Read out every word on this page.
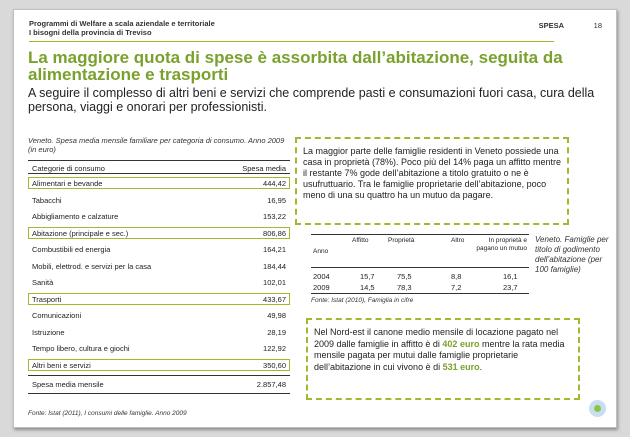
Programmi di Welfare a scala aziendale e territoriale
I bisogni della provincia di Treviso
SPESA	18
La maggiore quota di spese è assorbita dall’abitazione, seguita da alimentazione e trasporti
A seguire il complesso di altri beni e servizi che comprende pasti e consumazioni fuori casa, cura della persona, viaggi e onorari per professionisti.
Veneto. Spesa media mensile familiare per categoria di consumo. Anno 2009 (in euro)
Categorie di consumo	Spesa media
Alimentari e bevande	444,42
Tabacchi	16,95
Abbigliamento e calzature	153,22
Abitazione (principale e sec.)	806,86
Combustibili ed energia	164,21
Mobili, elettrod. e servizi per la casa	184,44
Sanità	102,01
Trasporti	433,67
Comunicazioni	49,98
Istruzione	28,19
Tempo libero, cultura e giochi	122,92
Altri beni e servizi	350,60
Spesa media mensile	2.857,48
La maggior parte delle famiglie residenti in Veneto possiede una casa in proprietà (78%). Poco più del 14% paga un affitto mentre il restante 7% gode dell’abitazione a titolo gratuito o ne è usufruttuario. Tra le famiglie proprietarie dell’abitazione, poco meno di una su quattro ha un mutuo da pagare.
Anno
Affitto	Proprietà	Altro	In proprietà e pagano un mutuo
2004	15,7	75,5	8,8	16,1
2009	14,5	78,3	7,2	23,7
Fonte: Istat (2010), Famiglia in cifre
Veneto. Famiglie per titolo di godimento dell’abitazione (per 100 famiglie)
Nel Nord-est il canone medio mensile di locazione pagato nel 2009 dalle famiglie in affitto è di 402 euro mentre la rata media mensile pagata per mutui dalle famiglie proprietarie dell’abitazione in cui vivono è di 531 euro.
Fonte: Istat (2011), I consumi delle famiglie. Anno 2009
